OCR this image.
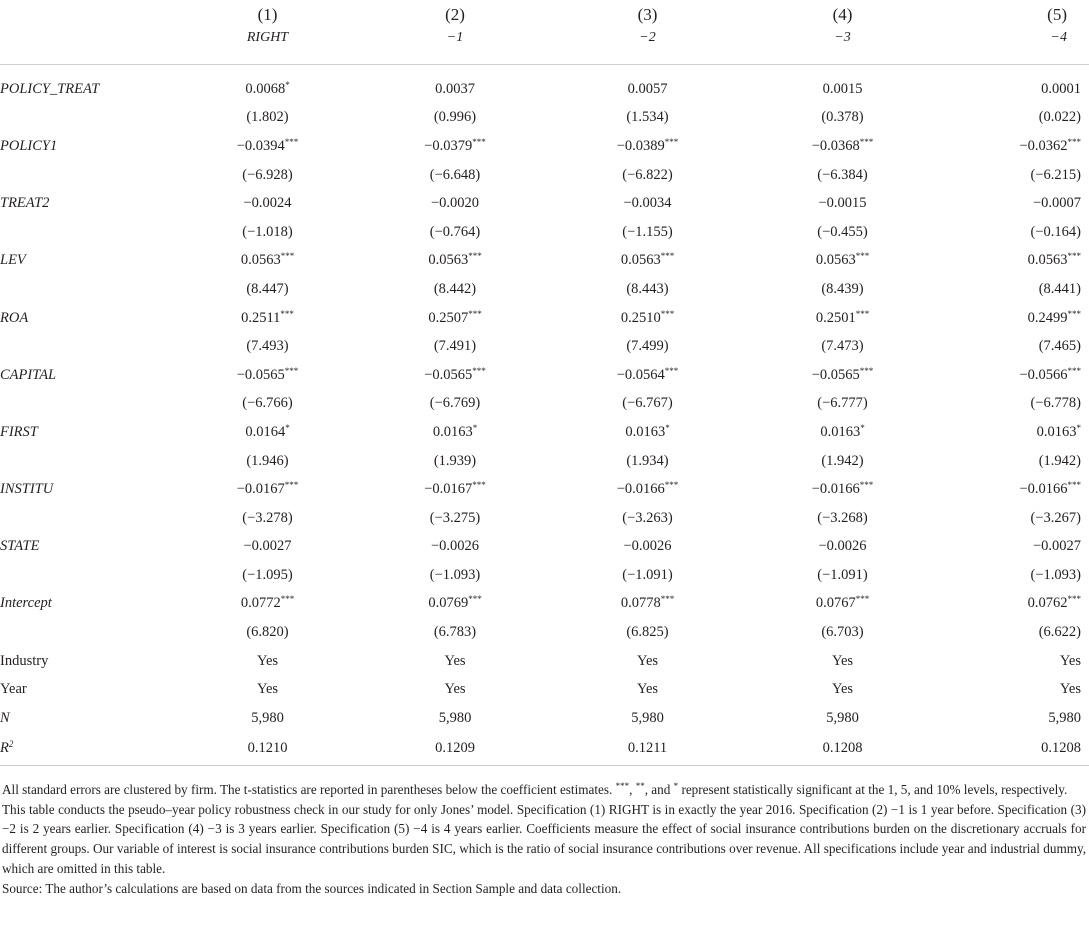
	(1)	(2)	(3)	(4)	(5)
	RIGHT	−1	−2	−3	−4
POLICY_TREAT	0.0068*	0.0037	0.0057	0.0015	0.0001
	(1.802)	(0.996)	(1.534)	(0.378)	(0.022)
POLICY1	−0.0394***	−0.0379***	−0.0389***	−0.0368***	−0.0362***
	(−6.928)	(−6.648)	(−6.822)	(−6.384)	(−6.215)
TREAT2	−0.0024	−0.0020	−0.0034	−0.0015	−0.0007
	(−1.018)	(−0.764)	(−1.155)	(−0.455)	(−0.164)
LEV	0.0563***	0.0563***	0.0563***	0.0563***	0.0563***
	(8.447)	(8.442)	(8.443)	(8.439)	(8.441)
ROA	0.2511***	0.2507***	0.2510***	0.2501***	0.2499***
	(7.493)	(7.491)	(7.499)	(7.473)	(7.465)
CAPITAL	−0.0565***	−0.0565***	−0.0564***	−0.0565***	−0.0566***
	(−6.766)	(−6.769)	(−6.767)	(−6.777)	(−6.778)
FIRST	0.0164*	0.0163*	0.0163*	0.0163*	0.0163*
	(1.946)	(1.939)	(1.934)	(1.942)	(1.942)
INSTITU	−0.0167***	−0.0167***	−0.0166***	−0.0166***	−0.0166***
	(−3.278)	(−3.275)	(−3.263)	(−3.268)	(−3.267)
STATE	−0.0027	−0.0026	−0.0026	−0.0026	−0.0027
	(−1.095)	(−1.093)	(−1.091)	(−1.091)	(−1.093)
Intercept	0.0772***	0.0769***	0.0778***	0.0767***	0.0762***
	(6.820)	(6.783)	(6.825)	(6.703)	(6.622)
Industry	Yes	Yes	Yes	Yes	Yes
Year	Yes	Yes	Yes	Yes	Yes
N	5,980	5,980	5,980	5,980	5,980
$R^2$	0.1210	0.1209	0.1211	0.1208	0.1208

All standard errors are clustered by firm. The t-statistics are reported in parentheses below the coefficient estimates. ***, **, and * represent statistically significant at the 1, 5, and 10% levels, respectively.

This table conducts the pseudo–year policy robustness check in our study for only Jones’ model. Specification (1) RIGHT is in exactly the year 2016. Specification (2) −1 is 1 year before. Specification (3) −2 is 2 years earlier. Specification (4) −3 is 3 years earlier. Specification (5) −4 is 4 years earlier. Coefficients measure the effect of social insurance contributions burden on the discretionary accruals for different groups. Our variable of interest is social insurance contributions burden SIC, which is the ratio of social insurance contributions over revenue. All specifications include year and industrial dummy, which are omitted in this table.

Source: The author’s calculations are based on data from the sources indicated in Section Sample and data collection.
